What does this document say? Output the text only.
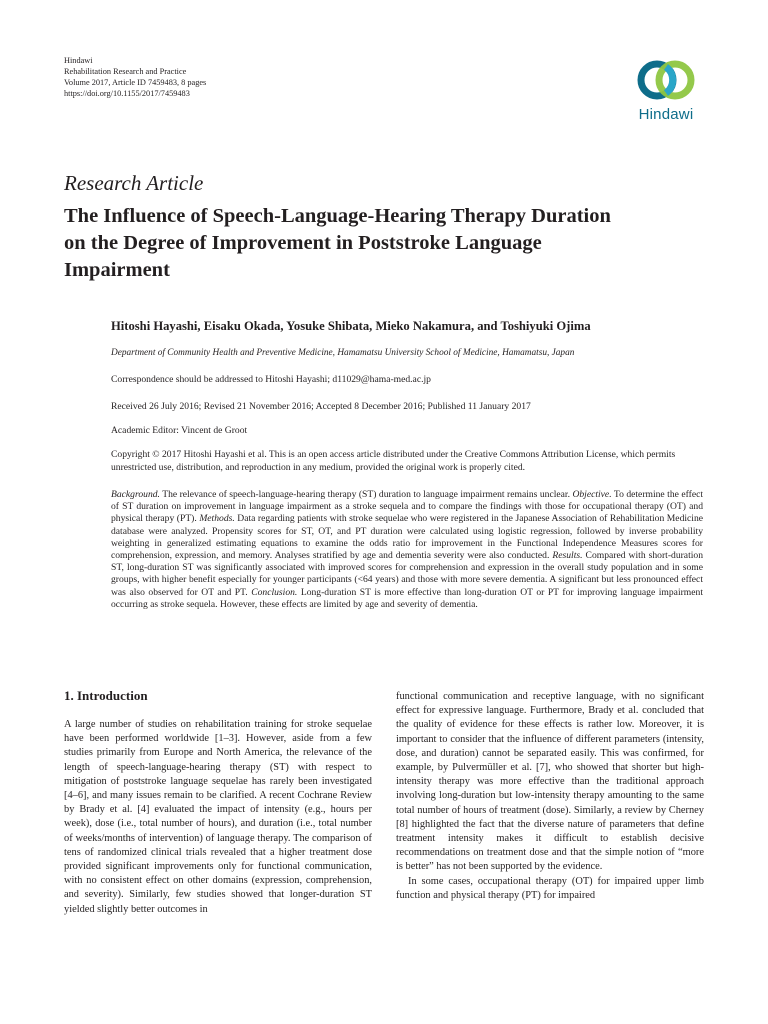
Hindawi
Rehabilitation Research and Practice
Volume 2017, Article ID 7459483, 8 pages
https://doi.org/10.1155/2017/7459483
Hindawi
Research Article
The Influence of Speech-Language-Hearing Therapy Duration on the Degree of Improvement in Poststroke Language Impairment
Hitoshi Hayashi, Eisaku Okada, Yosuke Shibata, Mieko Nakamura, and Toshiyuki Ojima
Department of Community Health and Preventive Medicine, Hamamatsu University School of Medicine, Hamamatsu, Japan
Correspondence should be addressed to Hitoshi Hayashi; d11029@hama-med.ac.jp
Received 26 July 2016; Revised 21 November 2016; Accepted 8 December 2016; Published 11 January 2017
Academic Editor: Vincent de Groot
Copyright © 2017 Hitoshi Hayashi et al. This is an open access article distributed under the Creative Commons Attribution License, which permits unrestricted use, distribution, and reproduction in any medium, provided the original work is properly cited.

Background. The relevance of speech-language-hearing therapy (ST) duration to language impairment remains unclear. Objective. To determine the effect of ST duration on improvement in language impairment as a stroke sequela and to compare the findings with those for occupational therapy (OT) and physical therapy (PT). Methods. Data regarding patients with stroke sequelae who were registered in the Japanese Association of Rehabilitation Medicine database were analyzed. Propensity scores for ST, OT, and PT duration were calculated using logistic regression, followed by inverse probability weighting in generalized estimating equations to examine the odds ratio for improvement in the Functional Independence Measures scores for comprehension, expression, and memory. Analyses stratified by age and dementia severity were also conducted. Results. Compared with short-duration ST, long-duration ST was significantly associated with improved scores for comprehension and expression in the overall study population and in some groups, with higher benefit especially for younger participants (<64 years) and those with more severe dementia. A significant but less pronounced effect was also observed for OT and PT. Conclusion. Long-duration ST is more effective than long-duration OT or PT for improving language impairment occurring as stroke sequela. However, these effects are limited by age and severity of dementia.

1. Introduction

A large number of studies on rehabilitation training for stroke sequelae have been performed worldwide [1–3]. However, aside from a few studies primarily from Europe and North America, the relevance of the length of speech-language-hearing therapy (ST) with respect to mitigation of poststroke language sequelae has rarely been investigated [4–6], and many issues remain to be clarified. A recent Cochrane Review by Brady et al. [4] evaluated the impact of intensity (e.g., hours per week), dose (i.e., total number of hours), and duration (i.e., total number of weeks/months of intervention) of language therapy. The comparison of tens of randomized clinical trials revealed that a higher treatment dose provided significant improvements only for functional communication, with no consistent effect on other domains (expression, comprehension, and severity). Similarly, few studies showed that longer-duration ST yielded slightly better outcomes in

functional communication and receptive language, with no significant effect for expressive language. Furthermore, Brady et al. concluded that the quality of evidence for these effects is rather low. Moreover, it is important to consider that the influence of different parameters (intensity, dose, and duration) cannot be separated easily. This was confirmed, for example, by Pulvermüller et al. [7], who showed that shorter but high-intensity therapy was more effective than the traditional approach involving long-duration but low-intensity therapy amounting to the same total number of hours of treatment (dose). Similarly, a review by Cherney [8] highlighted the fact that the diverse nature of parameters that define treatment intensity makes it difficult to establish decisive recommendations on treatment dose and that the simple notion of “more is better” has not been supported by the evidence.

In some cases, occupational therapy (OT) for impaired upper limb function and physical therapy (PT) for impaired
